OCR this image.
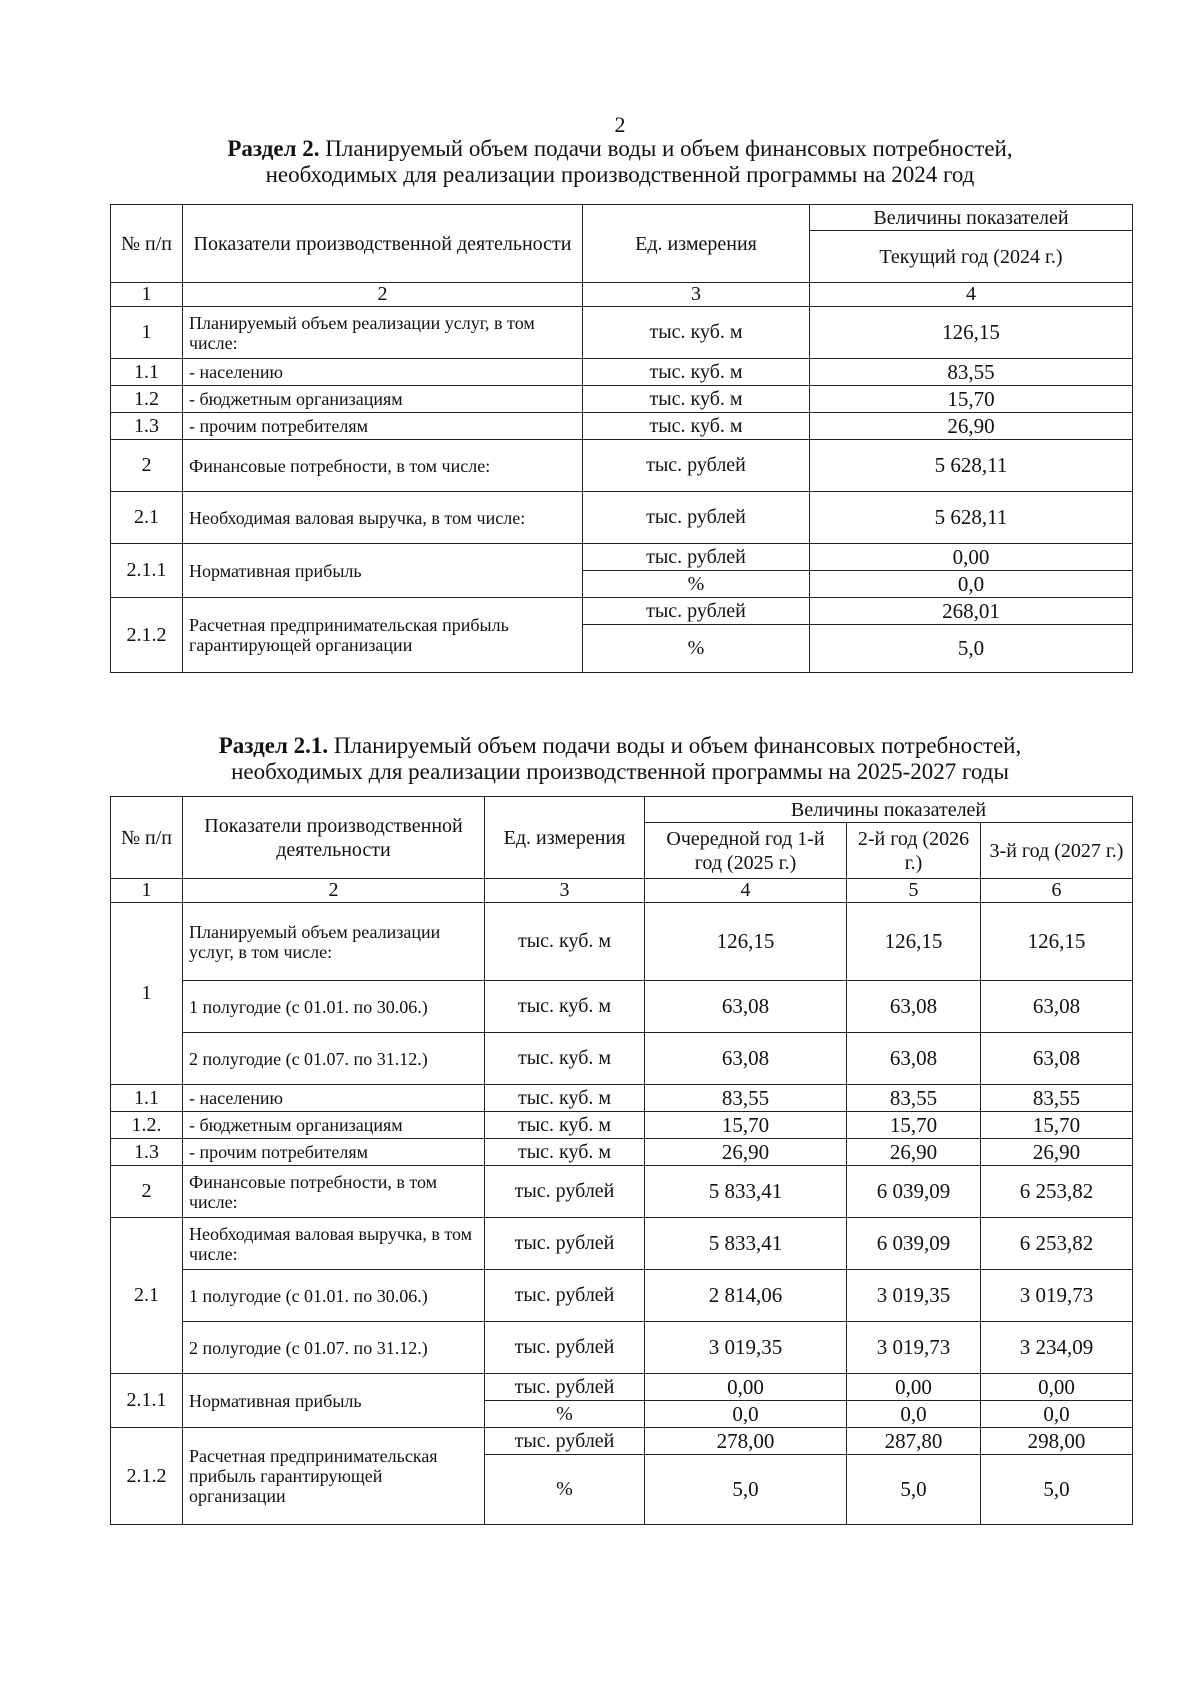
2
Раздел 2. Планируемый объем подачи воды и объем финансовых потребностей,
необходимых для реализации производственной программы на 2024 год
№ п/п	Показатели производственной деятельности	Ед. измерения	Величины показателей
			Текущий год (2024 г.)
1	2	3	4
1	Планируемый объем реализации услуг, в том числе:	тыс. куб. м	126,15
1.1	- населению	тыс. куб. м	83,55
1.2	- бюджетным организациям	тыс. куб. м	15,70
1.3	- прочим потребителям	тыс. куб. м	26,90
2	Финансовые потребности, в том числе:	тыс. рублей	5 628,11
2.1	Необходимая валовая выручка, в том числе:	тыс. рублей	5 628,11
2.1.1	Нормативная прибыль	тыс. рублей	0,00
		%	0,0
2.1.2	Расчетная предпринимательская прибыль гарантирующей организации	тыс. рублей	268,01
		%	5,0
Раздел 2.1. Планируемый объем подачи воды и объем финансовых потребностей,
необходимых для реализации производственной программы на 2025-2027 годы
№ п/п	Показатели производственной деятельности	Ед. измерения	Величины показателей		
			Очередной год 1-й год (2025 г.)	2-й год (2026 г.)	3-й год (2027 г.)
1	2	3	4	5	6
1	Планируемый объем реализации услуг, в том числе:	тыс. куб. м	126,15	126,15	126,15
	1 полугодие (с 01.01. по 30.06.)	тыс. куб. м	63,08	63,08	63,08
	2 полугодие (с 01.07. по 31.12.)	тыс. куб. м	63,08	63,08	63,08
1.1	- населению	тыс. куб. м	83,55	83,55	83,55
1.2.	- бюджетным организациям	тыс. куб. м	15,70	15,70	15,70
1.3	- прочим потребителям	тыс. куб. м	26,90	26,90	26,90
2	Финансовые потребности, в том числе:	тыс. рублей	5 833,41	6 039,09	6 253,82
2.1	Необходимая валовая выручка, в том числе:	тыс. рублей	5 833,41	6 039,09	6 253,82
	1 полугодие (с 01.01. по 30.06.)	тыс. рублей	2 814,06	3 019,35	3 019,73
	2 полугодие (с 01.07. по 31.12.)	тыс. рублей	3 019,35	3 019,73	3 234,09
2.1.1	Нормативная прибыль	тыс. рублей	0,00	0,00	0,00
		%	0,0	0,0	0,0
2.1.2	Расчетная предпринимательская прибыль гарантирующей организации	тыс. рублей	278,00	287,80	298,00
		%	5,0	5,0	5,0
